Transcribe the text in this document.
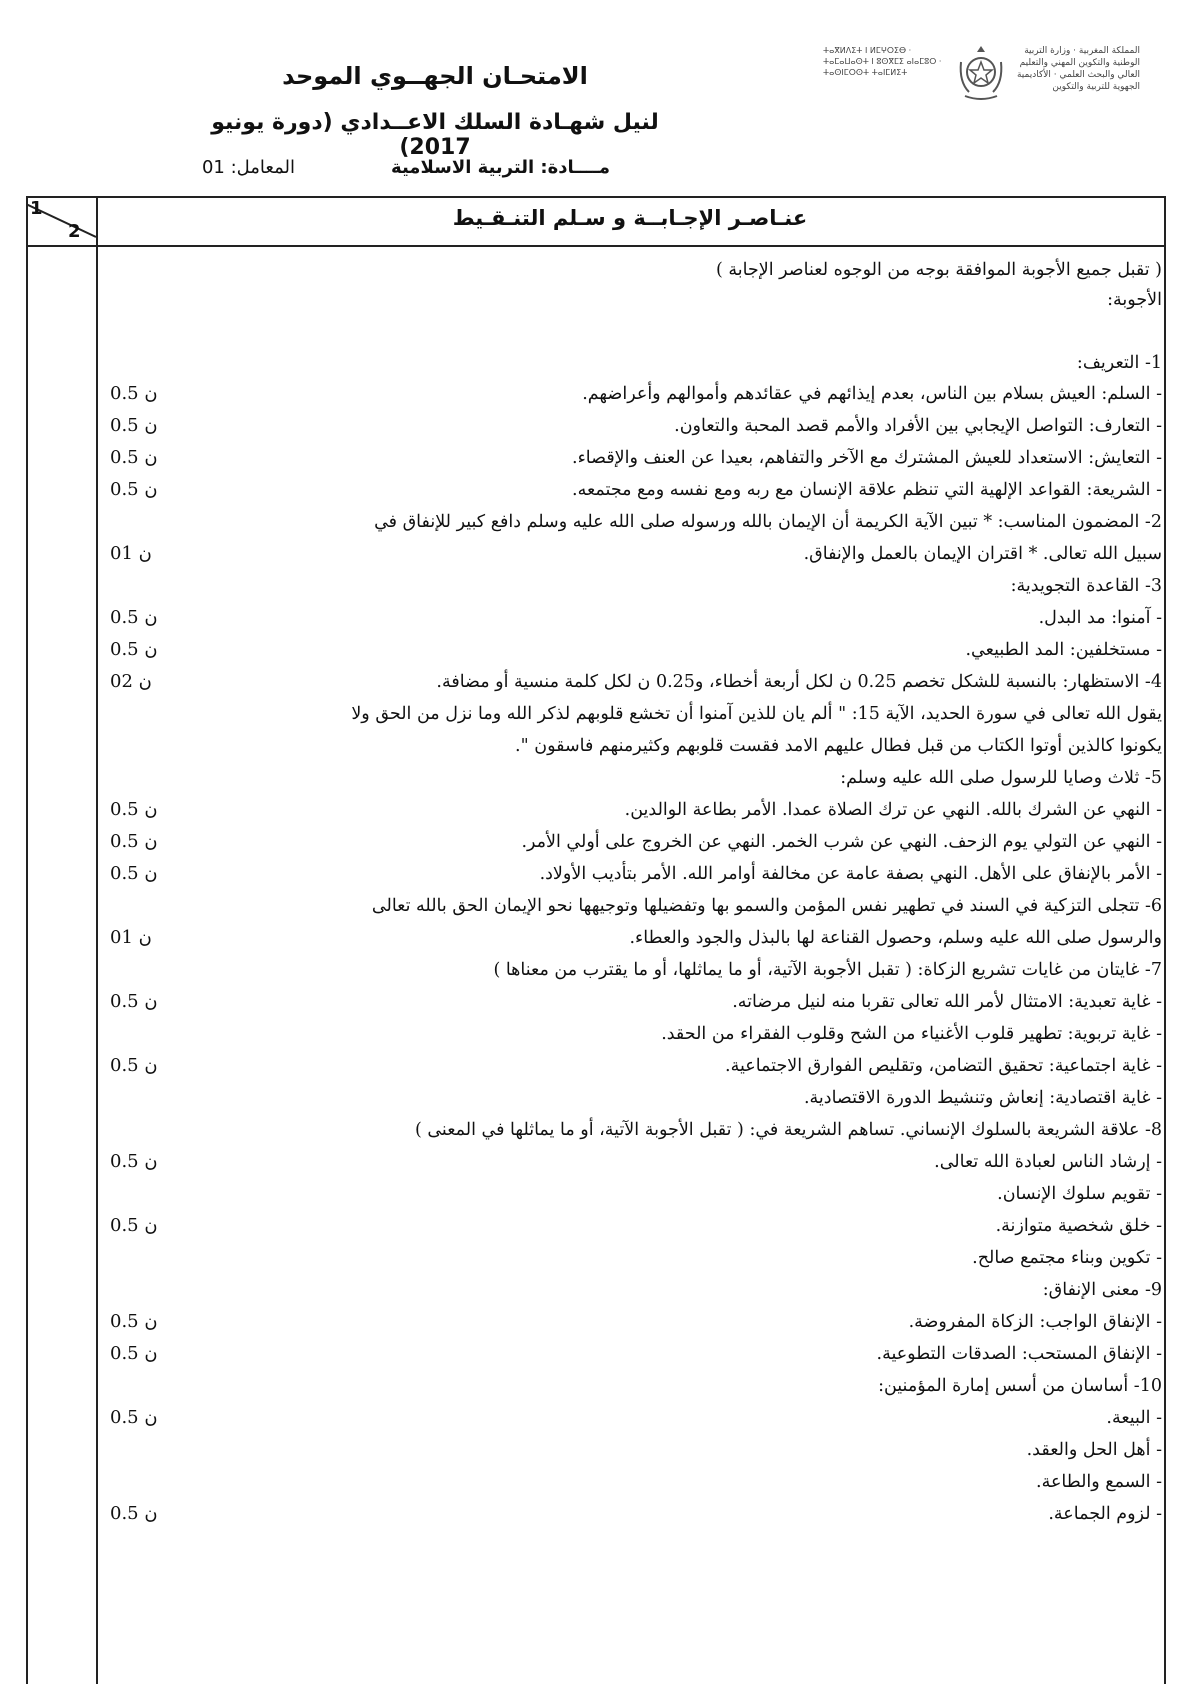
ⵜⴰⴳⵍⴷⵉⵜ ⵏ ⵍⵎⵖⵔⵉⴱ · ⵜⴰⵎⴰⵡⴰⵙⵜ ⵏ ⵓⵙⴳⵎⵉ ⴰⵏⴰⵎⵓⵔ · ⵜⴰⵙⵏⵎⵔⵙⵜ ⵜⴰⵏⵎⵍⵉⵜ
المملكة المغربية · وزارة التربية الوطنية والتكوين المهني والتعليم العالي والبحث العلمي · الأكاديمية الجهوية للتربية والتكوين
الامتحـان الجهــوي الموحد
لنيل شهـادة السلك الاعــدادي (دورة يونيو 2017)
مــــادة: التربية الاسلامية
المعامل: 01
1
2
عنـاصـر الإجـابــة و سـلم التنـقـيط
( تقبل جميع الأجوبة الموافقة بوجه من الوجوه لعناصر الإجابة )
الأجوبة:
1- التعريف:
- السلم: العيش بسلام بين الناس، بعدم إيذائهم في عقائدهم وأموالهم وأعراضهم.
- التعارف: التواصل الإيجابي بين الأفراد والأمم قصد المحبة والتعاون.
- التعايش: الاستعداد للعيش المشترك مع الآخر والتفاهم، بعيدا عن العنف والإقصاء.
- الشريعة: القواعد الإلهية التي تنظم علاقة الإنسان مع ربه ومع نفسه ومع مجتمعه.
2- المضمون المناسب: * تبين الآية الكريمة أن الإيمان بالله ورسوله صلى الله عليه وسلم دافع كبير للإنفاق في
سبيل الله تعالى. * اقتران الإيمان بالعمل والإنفاق.
3- القاعدة التجويدية:
- آمنوا: مد البدل.
- مستخلفين: المد الطبيعي.
4- الاستظهار: بالنسبة للشكل تخصم 0.25 ن لكل أربعة أخطاء، و0.25 ن لكل كلمة منسية أو مضافة.
يقول الله تعالى في سورة الحديد، الآية 15: " ألم يان للذين آمنوا أن تخشع قلوبهم لذكر الله وما نزل من الحق ولا
يكونوا كالذين أوتوا الكتاب من قبل فطال عليهم الامد فقست قلوبهم وكثيرمنهم فاسقون ".
5- ثلاث وصايا للرسول صلى الله عليه وسلم:
- النهي عن الشرك بالله. النهي عن ترك الصلاة عمدا. الأمر بطاعة الوالدين.
- النهي عن التولي يوم الزحف. النهي عن شرب الخمر. النهي عن الخروج على أولي الأمر.
- الأمر بالإنفاق على الأهل. النهي بصفة عامة عن مخالفة أوامر الله. الأمر بتأديب الأولاد.
6- تتجلى التزكية في السند في تطهير نفس المؤمن والسمو بها وتفضيلها وتوجيهها نحو الإيمان الحق بالله تعالى
والرسول صلى الله عليه وسلم، وحصول القناعة لها بالبذل والجود والعطاء.
7- غايتان من غايات تشريع الزكاة: ( تقبل الأجوبة الآتية، أو ما يماثلها، أو ما يقترب من معناها )
- غاية تعبدية: الامتثال لأمر الله تعالى تقربا منه لنيل مرضاته.
- غاية تربوية: تطهير قلوب الأغنياء من الشح وقلوب الفقراء من الحقد.
- غاية اجتماعية: تحقيق التضامن، وتقليص الفوارق الاجتماعية.
- غاية اقتصادية: إنعاش وتنشيط الدورة الاقتصادية.
8- علاقة الشريعة بالسلوك الإنساني. تساهم الشريعة في: ( تقبل الأجوبة الآتية، أو ما يماثلها في المعنى )
- إرشاد الناس لعبادة الله تعالى.
- تقويم سلوك الإنسان.
- خلق شخصية متوازنة.
- تكوين وبناء مجتمع صالح.
9- معنى الإنفاق:
- الإنفاق الواجب: الزكاة المفروضة.
- الإنفاق المستحب: الصدقات التطوعية.
10- أساسان من أسس إمارة المؤمنين:
- البيعة.
- أهل الحل والعقد.
- السمع والطاعة.
- لزوم الجماعة.
0.5 ن
0.5 ن
0.5 ن
0.5 ن
01 ن
0.5 ن
0.5 ن
02 ن
0.5 ن
0.5 ن
0.5 ن
01 ن
0.5 ن
0.5 ن
0.5 ن
0.5 ن
0.5 ن
0.5 ن
0.5 ن
0.5 ن
